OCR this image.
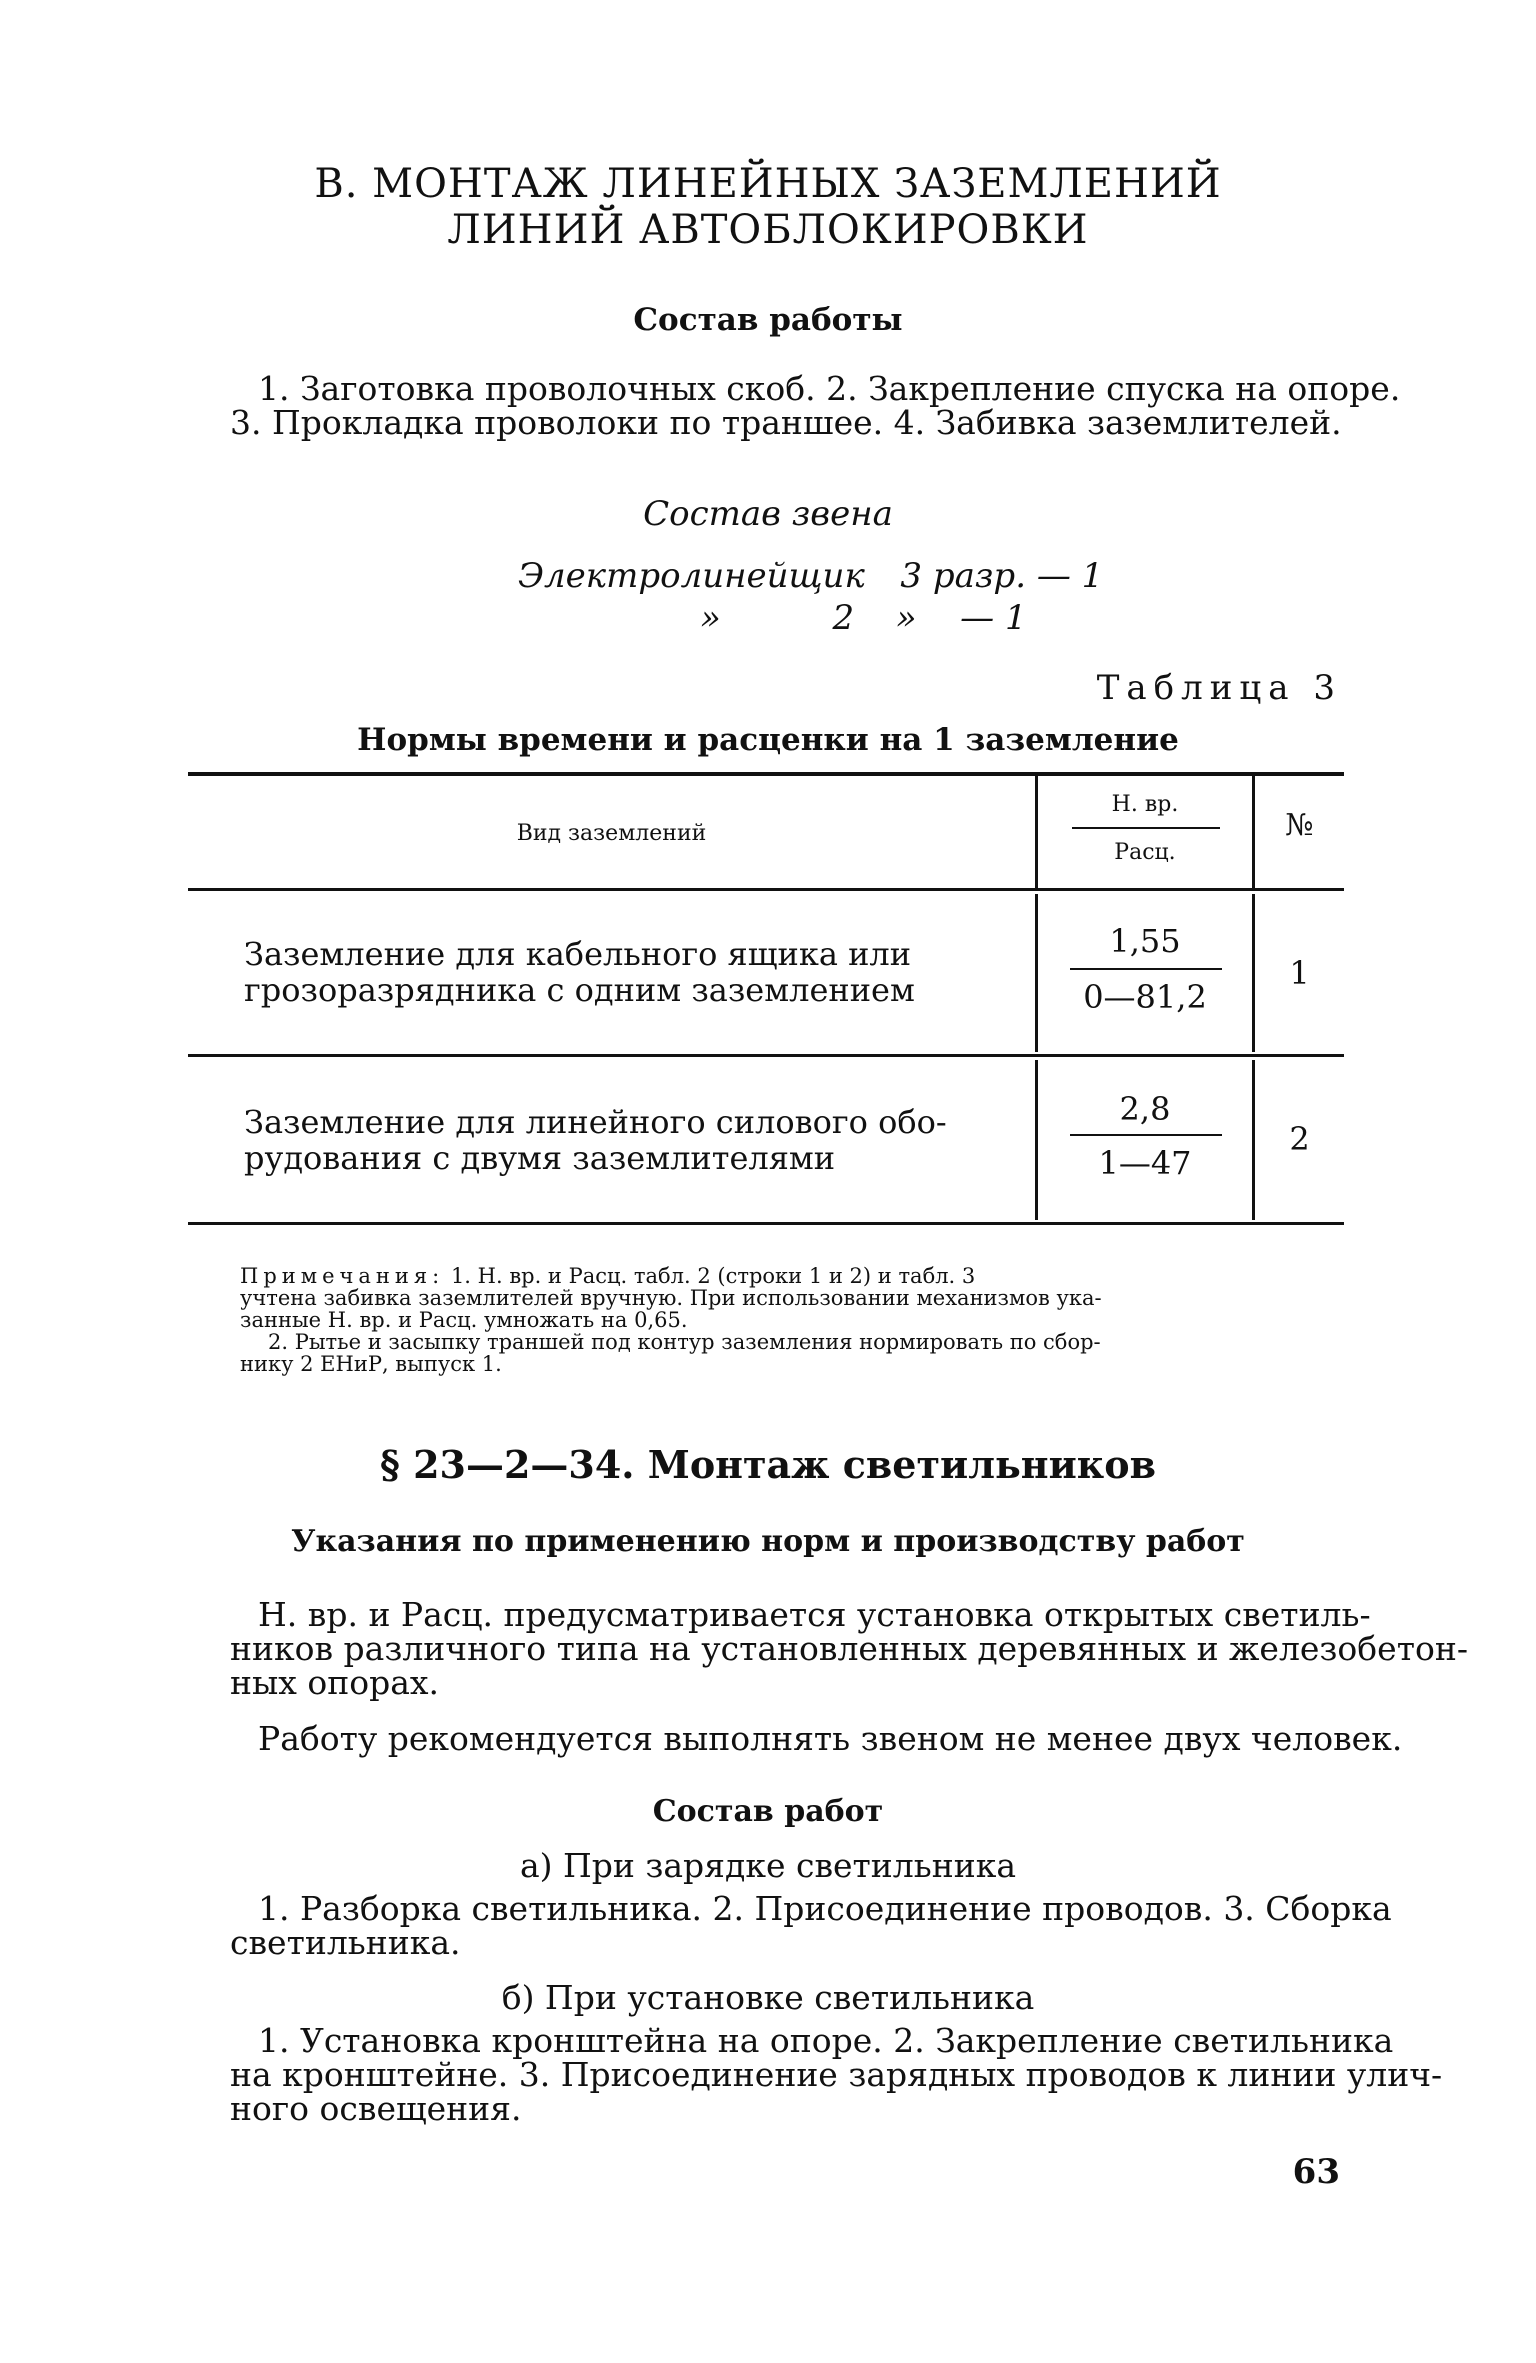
В. МОНТАЖ ЛИНЕЙНЫХ ЗАЗЕМЛЕНИЙ
ЛИНИЙ АВТОБЛОКИРОВКИ
Состав работы
1. Заготовка проволочных скоб. 2. Закрепление спуска на опоре.
3. Прокладка проволоки по траншее. 4. Забивка заземлителей.
Состав звена
Электролинейщик 3 разр. — 1
»	2 » — 1
Таблица 3
Нормы времени и расценки на 1 заземление
Вид заземлений
Н. вр.
Расц.
№
Заземление для кабельного ящика или
грозоразрядника с одним заземлением
1,55
0—81,2
1
Заземление для линейного силового обо-
рудования с двумя заземлителями
2,8
1—47
2
Примечания: 1. Н. вр. и Расц. табл. 2 (строки 1 и 2) и табл. 3
учтена забивка заземлителей вручную. При использовании механизмов ука-
занные Н. вр. и Расц. умножать на 0,65.
2. Рытье и засыпку траншей под контур заземления нормировать по сбор-
нику 2 ЕНиР, выпуск 1.
§ 23—2—34. Монтаж светильников
Указания по применению норм и производству работ
Н. вр. и Расц. предусматривается установка открытых светиль-
ников различного типа на установленных деревянных и железобетон-
ных опорах.
Работу рекомендуется выполнять звеном не менее двух человек.
Состав работ
а) При зарядке светильника
1. Разборка светильника. 2. Присоединение проводов. 3. Сборка
светильника.
б) При установке светильника
1. Установка кронштейна на опоре. 2. Закрепление светильника
на кронштейне. 3. Присоединение зарядных проводов к линии улич-
ного освещения.
63
